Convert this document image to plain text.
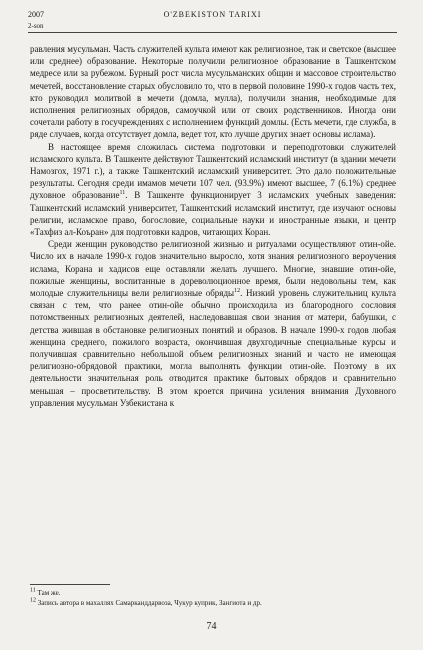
2007
2-son
O'ZBEKISTON TARIXI

равления мусульман. Часть служителей культа имеют как религиозное, так и светское (высшее или среднее) образование. Некоторые получили религиозное образование в Ташкентском медресе или за рубежом. Бурный рост числа мусульманских общин и массовое строительство мечетей, восстановление старых обусловило то, что в первой половине 1990-х годов часть тех, кто руководил молитвой в мечети (домла, мулла), получили знания, необходимые для исполнения религиозных обрядов, самоучкой или от своих родственников. Иногда они сочетали работу в госучреждениях с исполнением функций домлы. (Есть мечети, где служба, в ряде случаев, когда отсутствует домла, ведет тот, кто лучше других знает основы ислама).

В настоящее время сложилась система подготовки и переподготовки служителей исламского культа. В Ташкенте действуют Ташкентский исламский институт (в здании мечети Намозгох, 1971 г.), а также Ташкентский исламский университет. Это дало положительные результаты. Сегодня среди имамов мечети 107 чел. (93.9%) имеют высшее, 7 (6.1%) среднее духовное образование$^{11}$. В Ташкенте функционирует 3 исламских учебных заведения: Ташкентский исламский университет, Ташкентский исламский институт, где изучают основы религии, исламское право, богословие, социальные науки и иностранные языки, и центр «Тахфиз ал-Коъран» для подготовки кадров, читающих Коран.

Среди женщин руководство религиозной жизнью и ритуалами осуществляют отин-ойе. Число их в начале 1990-х годов значительно выросло, хотя знания религиозного вероучения ислама, Корана и хадисов еще оставляли желать лучшего. Многие, знавшие отин-ойе, пожилые женщины, воспитанные в дореволюционное время, были недовольны тем, как молодые служительницы вели религиозные обряды$^{12}$. Низкий уровень служительниц культа связан с тем, что ранее отин-ойе обычно происходила из благородного сословия потомственных религиозных деятелей, наследовавшая свои знания от матери, бабушки, с детства жившая в обстановке религиозных понятий и образов. В начале 1990-х годов любая женщина среднего, пожилого возраста, окончившая двухгодичные специальные курсы и получившая сравнительно небольшой объем религиозных знаний и часто не имеющая религиозно-обрядовой практики, могла выполнять функции отин-ойе. Поэтому в их деятельности значительная роль отводится практике бытовых обрядов и сравнительно меньшая – просветительству. В этом кроется причина усиления внимания Духовного управления мусульман Узбекистана к

$^{11}$ Там же.

$^{12}$ Запись автора в махаллях Самарканддарвоза, Чукур куприк, Зангиота и др.

74
